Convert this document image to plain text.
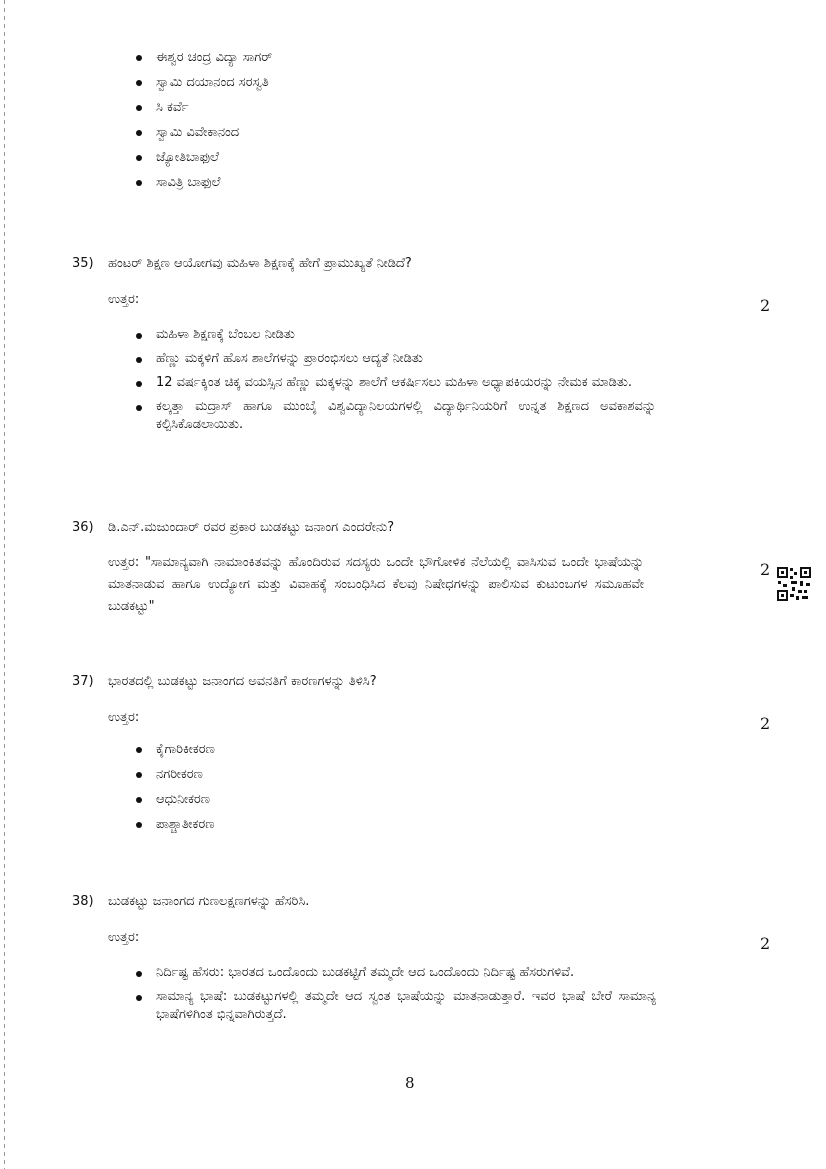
ಈಶ್ವರ ಚಂದ್ರ ವಿದ್ಯಾ ಸಾಗರ್
ಸ್ವಾಮಿ ದಯಾನಂದ ಸರಸ್ವತಿ
ಸಿ ಕರ್ವೆ
ಸ್ವಾಮಿ ವಿವೇಕಾನಂದ
ಜ್ಯೋತಿಬಾಫುಲೆ
ಸಾವಿತ್ರಿ ಬಾಫುಲೆ
35) ಹಂಟರ್ ಶಿಕ್ಷಣ ಆಯೋಗವು ಮಹಿಳಾ ಶಿಕ್ಷಣಕ್ಕೆ ಹೇಗೆ ಪ್ರಾಮುಖ್ಯತೆ ನೀಡಿದೆ?
ಉತ್ತರ:	2
ಮಹಿಳಾ ಶಿಕ್ಷಣಕ್ಕೆ ಬೆಂಬಲ ನೀಡಿತು
ಹೆಣ್ಣು ಮಕ್ಕಳಿಗೆ ಹೊಸ ಶಾಲೆಗಳನ್ನು ಪ್ರಾರಂಭಿಸಲು ಆದ್ಯತೆ ನೀಡಿತು
12 ವರ್ಷಕ್ಕಿಂತ ಚಿಕ್ಕ ವಯಸ್ಸಿನ ಹೆಣ್ಣು ಮಕ್ಕಳನ್ನು ಶಾಲೆಗೆ ಆಕರ್ಷಿಸಲು ಮಹಿಳಾ ಅಧ್ಯಾಪಕಿಯರನ್ನು ನೇಮಕ ಮಾಡಿತು.
ಕಲ್ಕತ್ತಾ ಮದ್ರಾಸ್ ಹಾಗೂ ಮುಂಬೈ ವಿಶ್ವವಿದ್ಯಾನಿಲಯಗಳಲ್ಲಿ ವಿದ್ಯಾರ್ಥಿನಿಯರಿಗೆ ಉನ್ನತ ಶಿಕ್ಷಣದ ಅವಕಾಶವನ್ನು ಕಲ್ಪಿಸಿಕೊಡಲಾಯಿತು.
36) ಡಿ.ಎನ್.ಮಜುಂದಾರ್ ರವರ ಪ್ರಕಾರ ಬುಡಕಟ್ಟು ಜನಾಂಗ ಎಂದರೇನು?
ಉತ್ತರ: "ಸಾಮಾನ್ಯವಾಗಿ ನಾಮಾಂಕಿತವನ್ನು ಹೊಂದಿರುವ ಸದಸ್ಯರು ಒಂದೇ ಭೌಗೋಳಿಕ ನೆಲೆಯಲ್ಲಿ ವಾಸಿಸುವ ಒಂದೇ ಭಾಷೆಯನ್ನು ಮಾತನಾಡುವ ಹಾಗೂ ಉದ್ಯೋಗ ಮತ್ತು ವಿವಾಹಕ್ಕೆ ಸಂಬಂಧಿಸಿದ ಕೆಲವು ನಿಷೇಧಗಳನ್ನು ಪಾಲಿಸುವ ಕುಟುಂಬಗಳ ಸಮೂಹವೇ ಬುಡಕಟ್ಟು"
2
37) ಭಾರತದಲ್ಲಿ ಬುಡಕಟ್ಟು ಜನಾಂಗದ ಅವನತಿಗೆ ಕಾರಣಗಳನ್ನು ತಿಳಿಸಿ?
ಉತ್ತರ:	2
ಕೈಗಾರಿಕೀಕರಣ
ನಗರೀಕರಣ
ಆಧುನೀಕರಣ
ಪಾಶ್ಚಾತೀಕರಣ
38) ಬುಡಕಟ್ಟು ಜನಾಂಗದ ಗುಣಲಕ್ಷಣಗಳನ್ನು ಹೆಸರಿಸಿ.
ಉತ್ತರ:	2
ನಿರ್ದಿಷ್ಟ ಹೆಸರು: ಭಾರತದ ಒಂದೊಂದು ಬುಡಕಟ್ಟಿಗೆ ತಮ್ಮದೇ ಆದ ಒಂದೊಂದು ನಿರ್ದಿಷ್ಟ ಹೆಸರುಗಳಿವೆ.
ಸಾಮಾನ್ಯ ಭಾಷೆ: ಬುಡಕಟ್ಟುಗಳಲ್ಲಿ ತಮ್ಮದೇ ಆದ ಸ್ವಂತ ಭಾಷೆಯನ್ನು ಮಾತನಾಡುತ್ತಾರೆ. ಇವರ ಭಾಷೆ ಬೇರೆ ಸಾಮಾನ್ಯ ಭಾಷೆಗಳಿಗಿಂತ ಭಿನ್ನವಾಗಿರುತ್ತದೆ.
8
